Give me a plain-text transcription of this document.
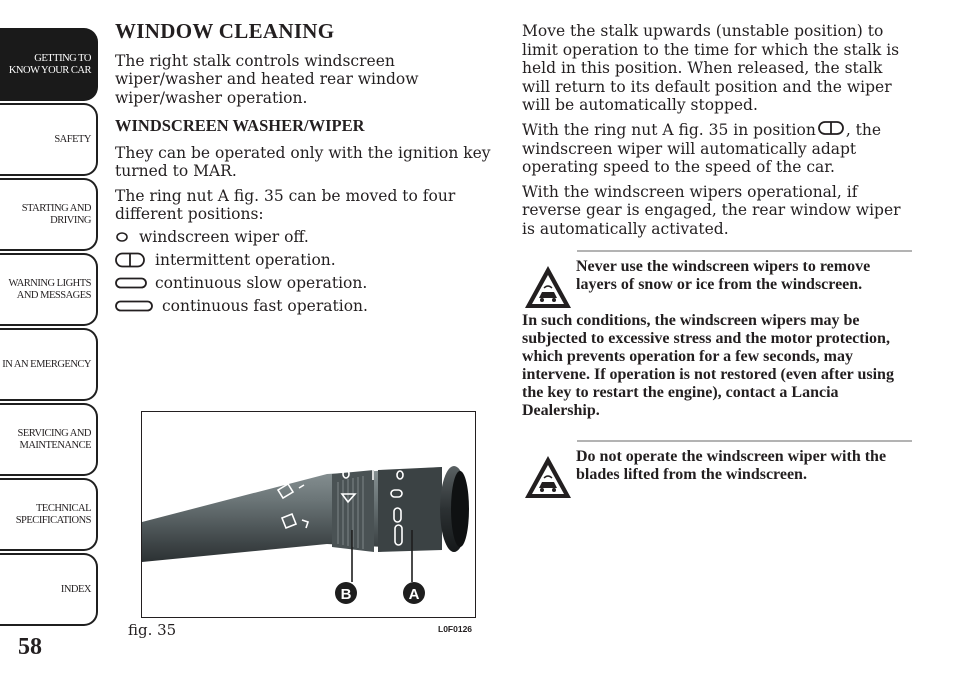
GETTING TO
KNOW YOUR CAR
SAFETY
STARTING AND
DRIVING
WARNING LIGHTS
AND MESSAGES
IN AN EMERGENCY
SERVICING AND
MAINTENANCE
TECHNICAL
SPECIFICATIONS
INDEX
58
WINDOW CLEANING

The right stalk controls windscreen wiper/washer and heated rear window wiper/washer operation.

WINDSCREEN WASHER/WIPER

They can be operated only with the ignition key turned to MAR.

The ring nut A fig. 35 can be moved to four different positions:

windscreen wiper off.
intermittent operation.
continuous slow operation.
continuous fast operation.
B	A
fig. 35	L0F0126

Move the stalk upwards (unstable position) to limit operation to the time for which the stalk is held in this position. When released, the stalk will return to its default position and the wiper will be automatically stopped.

With the ring nut A fig. 35 in position , the windscreen wiper will automatically adapt operating speed to the speed of the car.

With the windscreen wipers operational, if reverse gear is engaged, the rear window wiper is automatically activated.

Never use the windscreen wipers to remove layers of snow or ice from the windscreen.
In such conditions, the windscreen wipers may be subjected to excessive stress and the motor protection, which prevents operation for a few seconds, may intervene. If operation is not restored (even after using the key to restart the engine), contact a Lancia Dealership.
Do not operate the windscreen wiper with the blades lifted from the windscreen.
